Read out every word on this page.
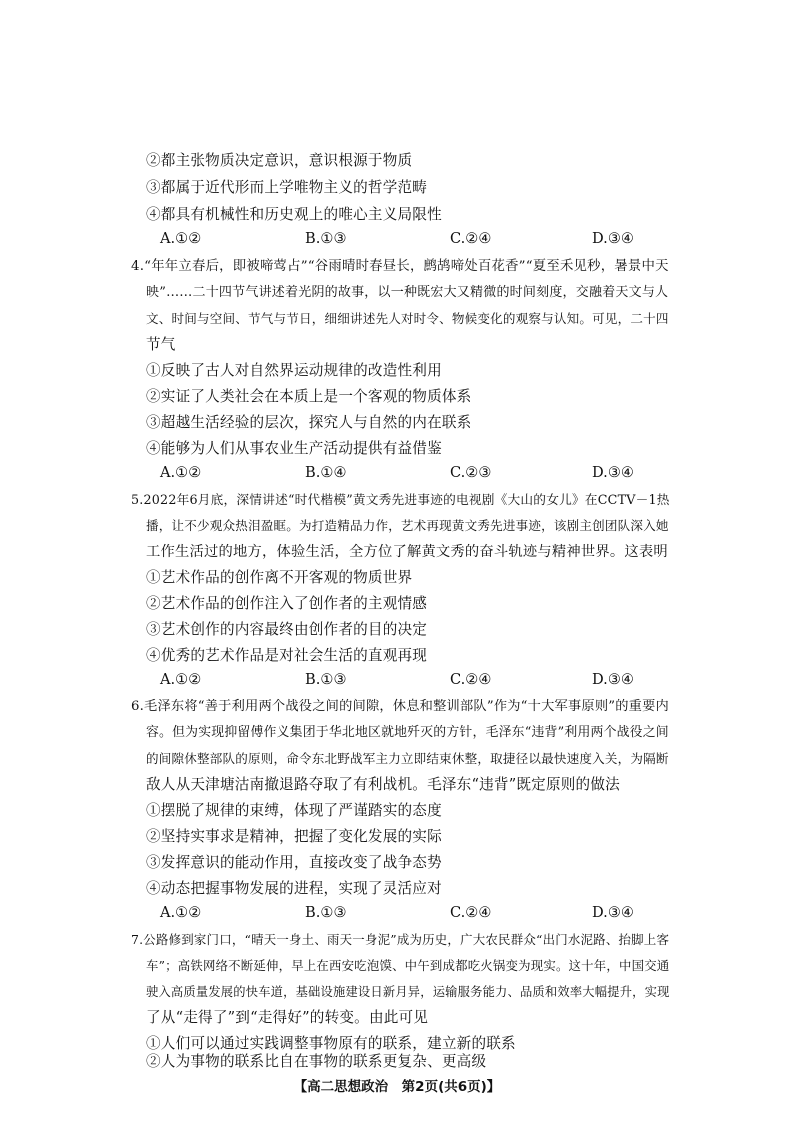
②都主张物质决定意识，意识根源于物质
③都属于近代形而上学唯物主义的哲学范畴
④都具有机械性和历史观上的唯心主义局限性
A.①②	B.①③	C.②④	D.③④
4.“年年立春后，即被啼莺占”“谷雨晴时春昼长，鹧鸪啼处百花香”“夏至禾见秒，暑景中天
映”……二十四节气讲述着光阴的故事，以一种既宏大又精微的时间刻度，交融着天文与人
文、时间与空间、节气与节日，细细讲述先人对时令、物候变化的观察与认知。可见，二十四
节气
①反映了古人对自然界运动规律的改造性利用
②实证了人类社会在本质上是一个客观的物质体系
③超越生活经验的层次，探究人与自然的内在联系
④能够为人们从事农业生产活动提供有益借鉴
A.①②	B.①④	C.②③	D.③④
5.2022年6月底，深情讲述“时代楷模”黄文秀先进事迹的电视剧《大山的女儿》在CCTV－1热
播，让不少观众热泪盈眶。为打造精品力作，艺术再现黄文秀先进事迹，该剧主创团队深入她
工作生活过的地方，体验生活，全方位了解黄文秀的奋斗轨迹与精神世界。这表明
①艺术作品的创作离不开客观的物质世界
②艺术作品的创作注入了创作者的主观情感
③艺术创作的内容最终由创作者的目的决定
④优秀的艺术作品是对社会生活的直观再现
A.①②	B.①③	C.②④	D.③④
6.毛泽东将“善于利用两个战役之间的间隙，休息和整训部队”作为“十大军事原则”的重要内
容。但为实现抑留傅作义集团于华北地区就地歼灭的方针，毛泽东“违背”利用两个战役之间
的间隙休整部队的原则，命令东北野战军主力立即结束休整，取捷径以最快速度入关，为隔断
敌人从天津塘沽南撤退路夺取了有利战机。毛泽东“违背”既定原则的做法
①摆脱了规律的束缚，体现了严谨踏实的态度
②坚持实事求是精神，把握了变化发展的实际
③发挥意识的能动作用，直接改变了战争态势
④动态把握事物发展的进程，实现了灵活应对
A.①②	B.①③	C.②④	D.③④
7.公路修到家门口，“晴天一身土、雨天一身泥”成为历史，广大农民群众“出门水泥路、抬脚上客
车”；高铁网络不断延伸，早上在西安吃泡馍、中午到成都吃火锅变为现实。这十年，中国交通
驶入高质量发展的快车道，基础设施建设日新月异，运输服务能力、品质和效率大幅提升，实现
了从“走得了”到“走得好”的转变。由此可见
①人们可以通过实践调整事物原有的联系，建立新的联系
②人为事物的联系比自在事物的联系更复杂、更高级
【高二思想政治　第2页(共6页)】
